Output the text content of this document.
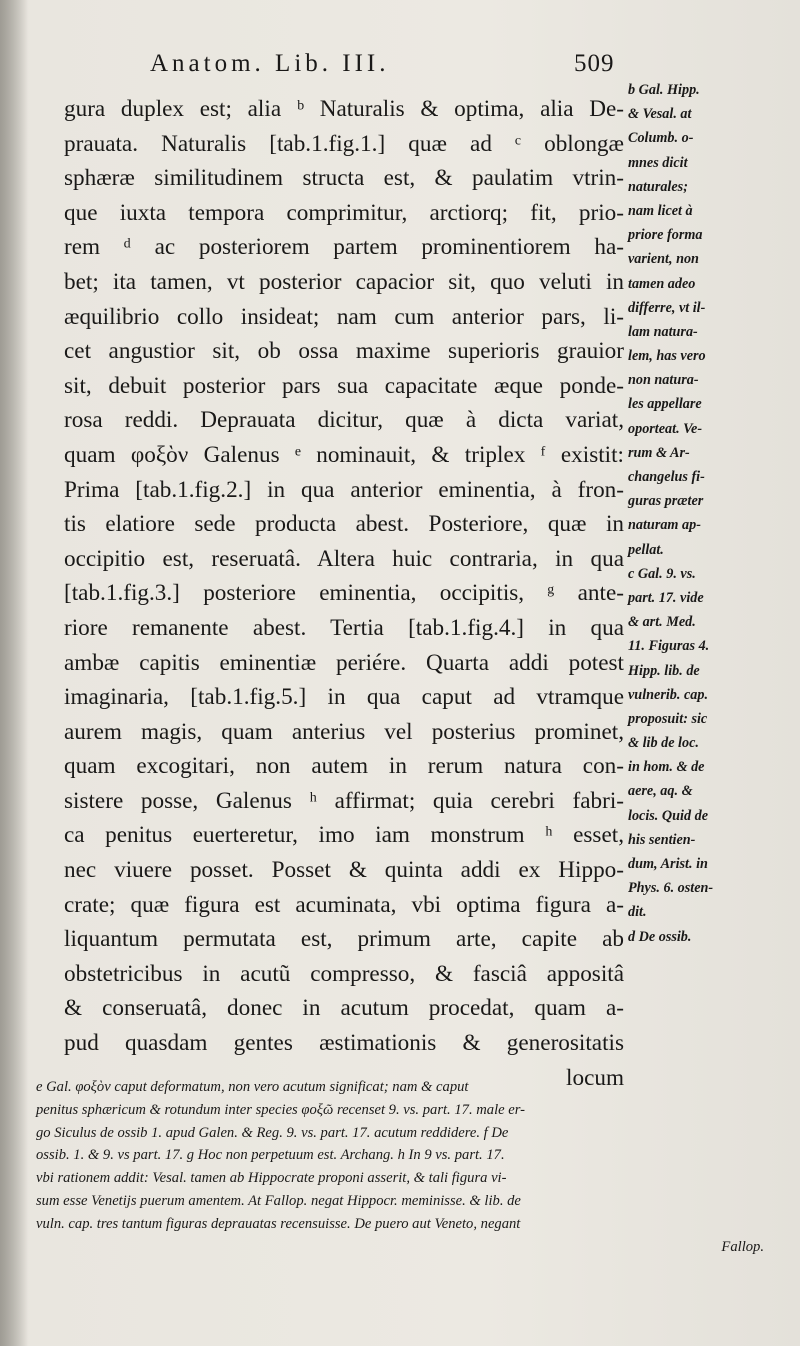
Anatom. Lib. III.	509
gura duplex est; alia ᵇ Naturalis & optima, alia De-
prauata. Naturalis [tab.1.fig.1.] quæ ad ᶜ oblongæ
sphæræ similitudinem structa est, & paulatim vtrin-
que iuxta tempora comprimitur, arctiorq; fit, prio-
rem ᵈ ac posteriorem partem prominentiorem ha-
bet; ita tamen, vt posterior capacior sit, quo veluti in
æquilibrio collo insideat; nam cum anterior pars, li-
cet angustior sit, ob ossa maxime superioris grauior
sit, debuit posterior pars sua capacitate æque ponde-
rosa reddi. Deprauata dicitur, quæ à dicta variat,
quam φοξὸν Galenus ᵉ nominauit, & triplex ᶠ existit:
Prima [tab.1.fig.2.] in qua anterior eminentia, à fron-
tis elatiore sede producta abest. Posteriore, quæ in
occipitio est, reseruatâ. Altera huic contraria, in qua
[tab.1.fig.3.] posteriore eminentia, occipitis, ᵍ ante-
riore remanente abest. Tertia [tab.1.fig.4.] in qua
ambæ capitis eminentiæ periére. Quarta addi potest
imaginaria, [tab.1.fig.5.] in qua caput ad vtramque
aurem magis, quam anterius vel posterius prominet,
quam excogitari, non autem in rerum natura con-
sistere posse, Galenus ʰ affirmat; quia cerebri fabri-
ca penitus euerteretur, imo iam monstrum ʰ esset,
nec viuere posset. Posset & quinta addi ex Hippo-
crate; quæ figura est acuminata, vbi optima figura a-
liquantum permutata est, primum arte, capite ab
obstetricibus in acutũ compresso, & fasciâ appositâ
& conseruatâ, donec in acutum procedat, quam a-
pud quasdam gentes æstimationis & generositatis
locum
b Gal. Hipp.
& Vesal. at
Columb. o-
mnes dicit
naturales;
nam licet à
priore forma
varient, non
tamen adeo
differre, vt il-
lam natura-
lem, has vero
non natura-
les appellare
oporteat. Ve-
rum & Ar-
changelus fi-
guras præter
naturam ap-
pellat.
c Gal. 9. vs.
part. 17. vide
& art. Med.
11. Figuras 4.
Hipp. lib. de
vulnerib. cap.
proposuit: sic
& lib de loc.
in hom. & de
aere, aq. &
locis. Quid de
his sentien-
dum, Arist. in
Phys. 6. osten-
dit.
d De ossib.
e Gal. φοξὸν caput deformatum, non vero acutum significat; nam & caput
penitus sphæricum & rotundum inter species φοξῶ recenset 9. vs. part. 17. male er-
go Siculus de ossib 1. apud Galen. & Reg. 9. vs. part. 17. acutum reddidere. f De
ossib. 1. & 9. vs part. 17. g Hoc non perpetuum est. Archang. h In 9 vs. part. 17.
vbi rationem addit: Vesal. tamen ab Hippocrate proponi asserit, & tali figura vi-
sum esse Venetijs puerum amentem. At Fallop. negat Hippocr. meminisse. & lib. de
vuln. cap. tres tantum figuras deprauatas recensuisse. De puero aut Veneto, negant
Fallop.
